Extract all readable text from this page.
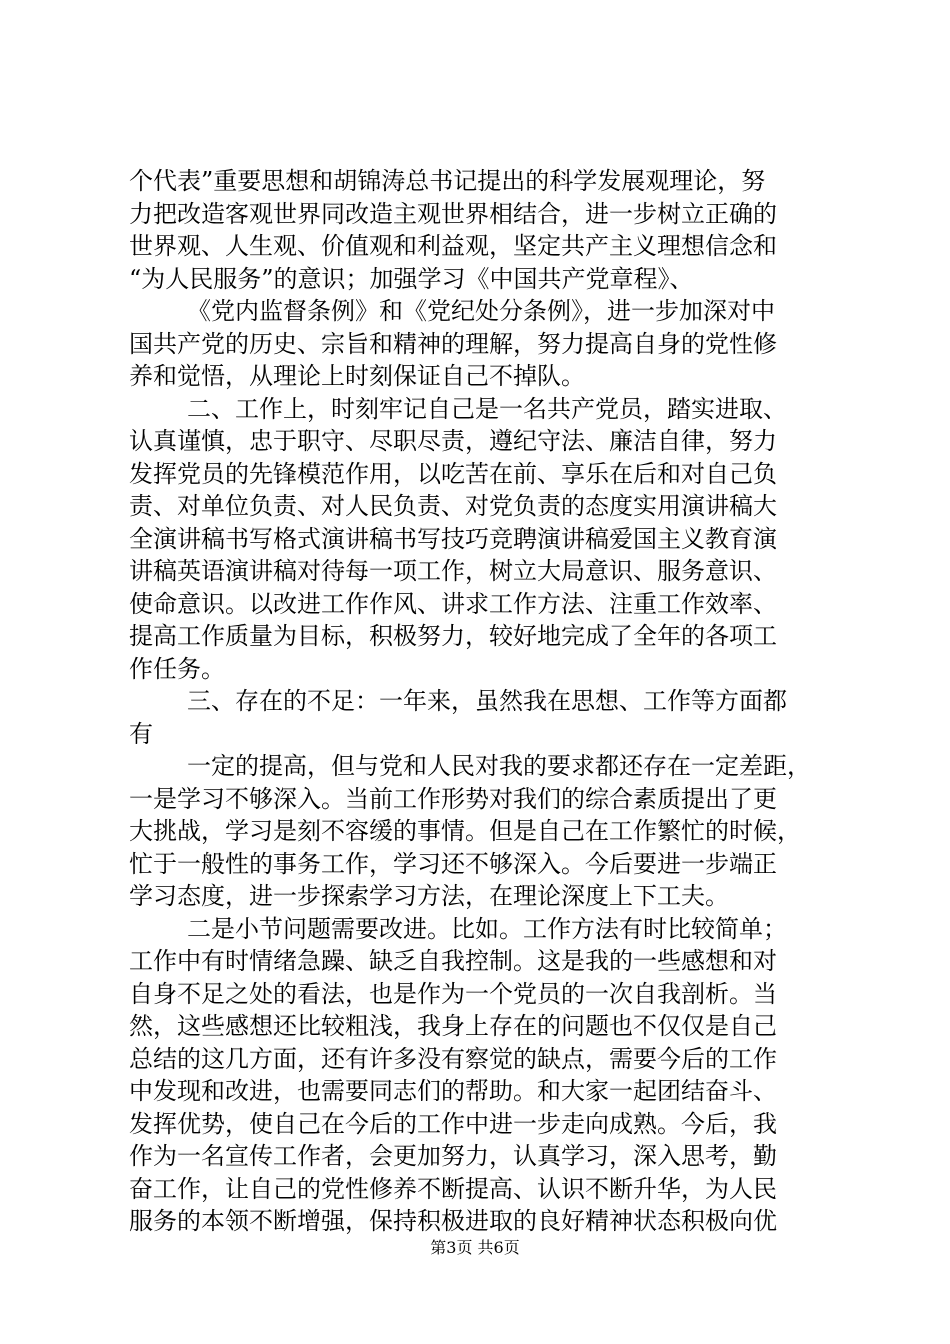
个代表”重要思想和胡锦涛总书记提出的科学发展观理论，努
力把改造客观世界同改造主观世界相结合，进一步树立正确的
世界观、人生观、价值观和利益观，坚定共产主义理想信念和
“为人民服务”的意识；加强学习《中国共产党章程》、
《党内监督条例》和《党纪处分条例》，进一步加深对中
国共产党的历史、宗旨和精神的理解，努力提高自身的党性修
养和觉悟，从理论上时刻保证自己不掉队。
二、工作上，时刻牢记自己是一名共产党员，踏实进取、
认真谨慎，忠于职守、尽职尽责，遵纪守法、廉洁自律，努力
发挥党员的先锋模范作用，以吃苦在前、享乐在后和对自己负
责、对单位负责、对人民负责、对党负责的态度实用演讲稿大
全演讲稿书写格式演讲稿书写技巧竞聘演讲稿爱国主义教育演
讲稿英语演讲稿对待每一项工作，树立大局意识、服务意识、
使命意识。以改进工作作风、讲求工作方法、注重工作效率、
提高工作质量为目标，积极努力，较好地完成了全年的各项工
作任务。
三、存在的不足：一年来，虽然我在思想、工作等方面都
有
一定的提高，但与党和人民对我的要求都还存在一定差距，
一是学习不够深入。当前工作形势对我们的综合素质提出了更
大挑战，学习是刻不容缓的事情。但是自己在工作繁忙的时候，
忙于一般性的事务工作，学习还不够深入。今后要进一步端正
学习态度，进一步探索学习方法，在理论深度上下工夫。
二是小节问题需要改进。比如。工作方法有时比较简单；
工作中有时情绪急躁、缺乏自我控制。这是我的一些感想和对
自身不足之处的看法，也是作为一个党员的一次自我剖析。当
然，这些感想还比较粗浅，我身上存在的问题也不仅仅是自己
总结的这几方面，还有许多没有察觉的缺点，需要今后的工作
中发现和改进，也需要同志们的帮助。和大家一起团结奋斗、
发挥优势，使自己在今后的工作中进一步走向成熟。今后，我
作为一名宣传工作者，会更加努力，认真学习，深入思考，勤
奋工作，让自己的党性修养不断提高、认识不断升华，为人民
服务的本领不断增强，保持积极进取的良好精神状态积极向优
第3页 共6页
